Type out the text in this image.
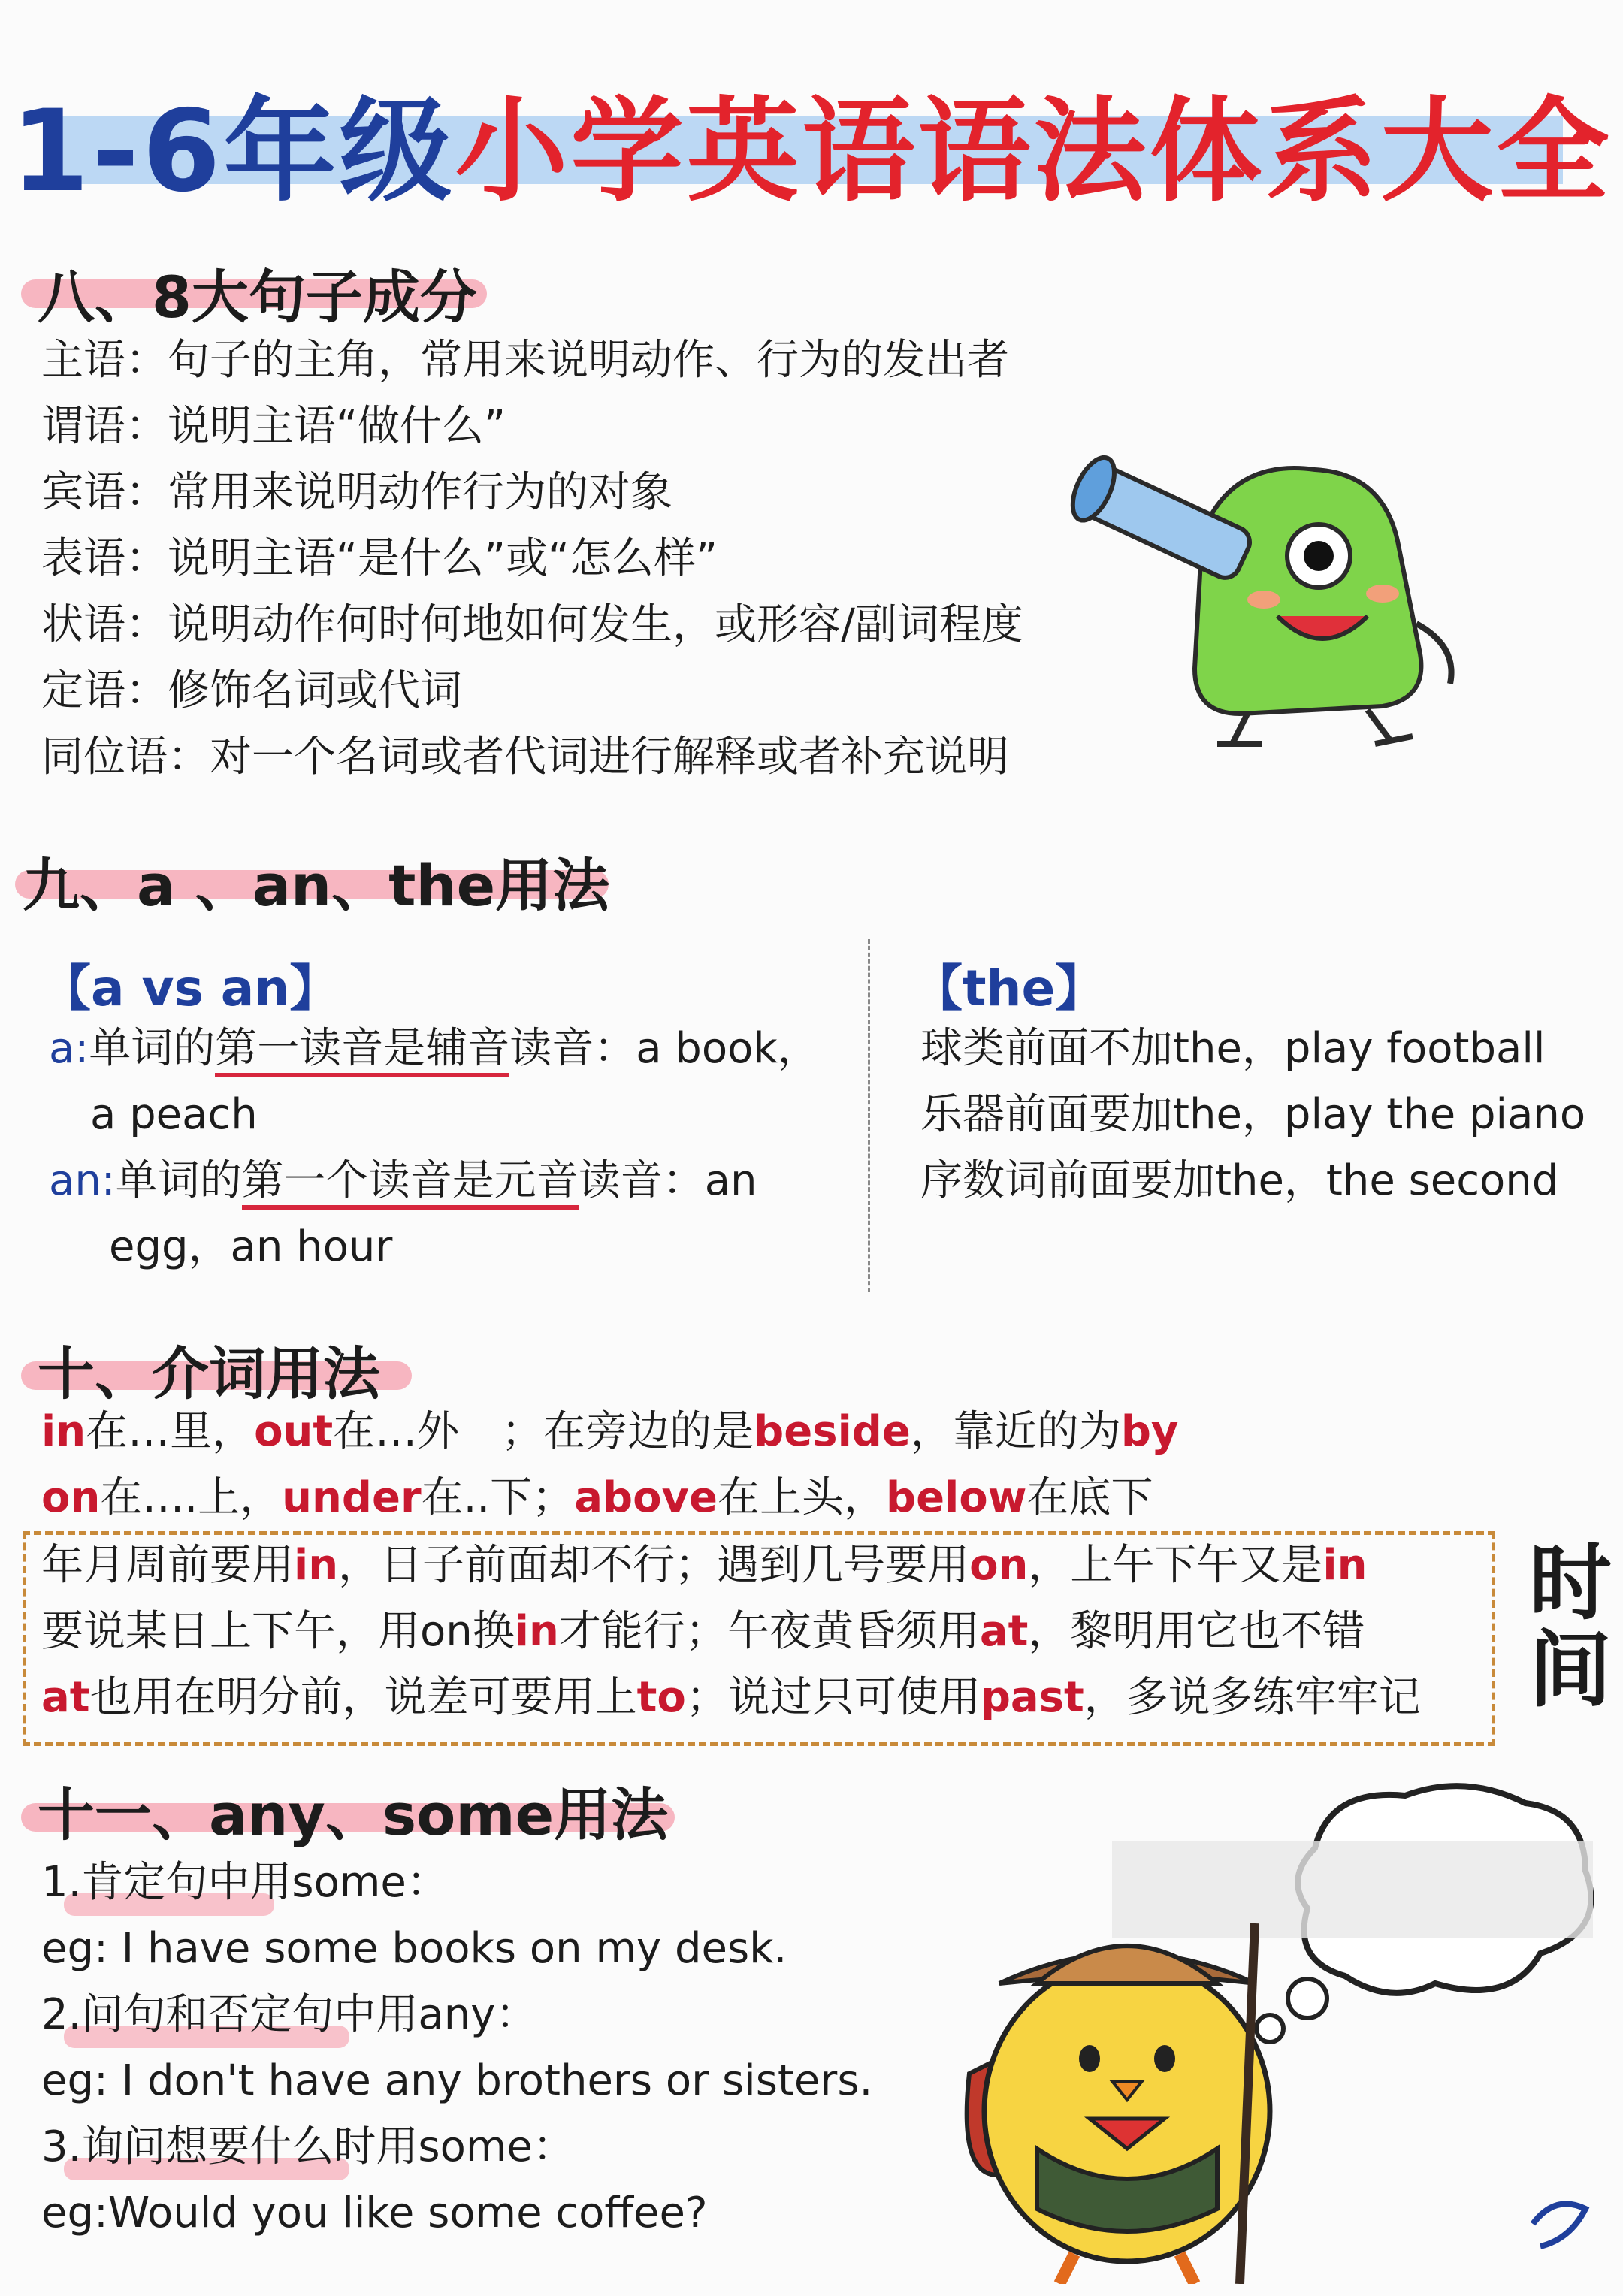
1-6年级小学英语语法体系大全
八、8大句子成分
主语：句子的主角，常用来说明动作、行为的发出者
谓语：说明主语“做什么”
宾语：常用来说明动作行为的对象
表语：说明主语“是什么”或“怎么样”
状语：说明动作何时何地如何发生，或形容/副词程度
定语：修饰名词或代词
同位语：对一个名词或者代词进行解释或者补充说明
九、a 、an、the用法
【a vs an】
a:单词的第一读音是辅音读音：a book，
a peach
an:单词的第一个读音是元音读音：an
egg，an hour
【the】
球类前面不加the，play football
乐器前面要加the，play the piano
序数词前面要加the，the second
十、介词用法
in在…里，out在…外　；在旁边的是beside，靠近的为by
on在….上，under在..下；above在上头，below在底下
年月周前要用in，日子前面却不行；遇到几号要用on，上午下午又是in
要说某日上下午，用on换in才能行；午夜黄昏须用at，黎明用它也不错
at也用在明分前，说差可要用上to；说过只可使用past，多说多练牢牢记
时间
十一、any、some用法
1.肯定句中用some：
eg: I have some books on my desk.
2.问句和否定句中用any：
eg: I don't have any brothers or sisters.
3.询问想要什么时用some：
eg:Would you like some coffee?
